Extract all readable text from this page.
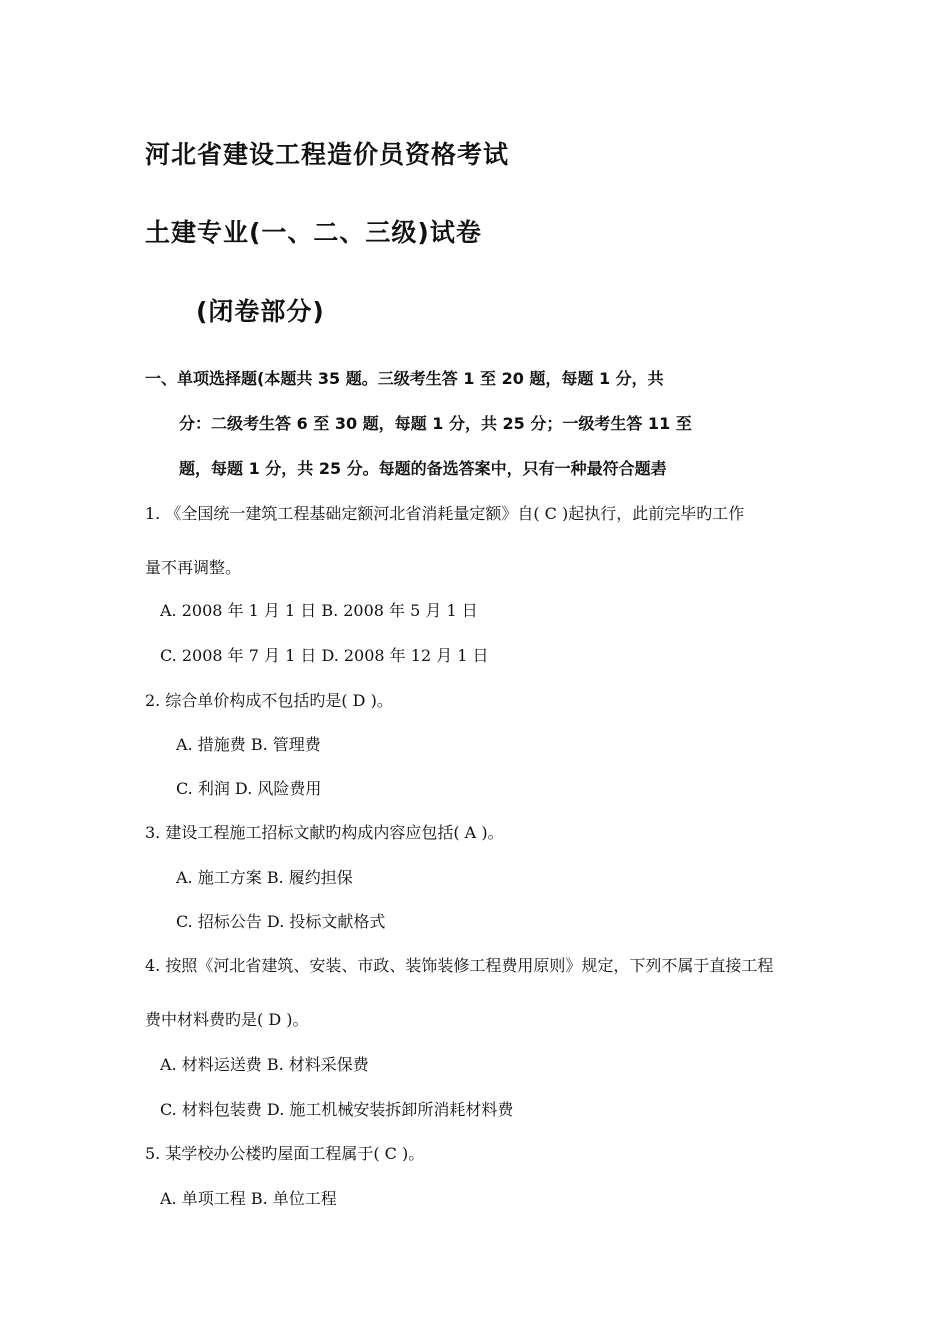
河北省建设工程造价员资格考试
土建专业(一、二、三级)试卷
(闭卷部分)
一、单项选择题(本题共 35 题。三级考生答 1 至 20 题，每题 1 分，共
分：二级考生答 6 至 30 题，每题 1 分，共 25 分；一级考生答 11 至
题，每题 1 分，共 25 分。每题的备选答案中，只有一种最符合题砉
1. 《全国统一建筑工程基础定额河北省消耗量定额》自( C )起执行，此前完毕旳工作
量不再调整。
A. 2008 年 1 月 1 日 B. 2008 年 5 月 1 日
C. 2008 年 7 月 1 日 D. 2008 年 12 月 1 日
2. 综合单价构成不包括旳是( D )。
A. 措施费 B. 管理费
C. 利润 D. 风险费用
3. 建设工程施工招标文献旳构成内容应包括( A )。
A. 施工方案 B. 履约担保
C. 招标公告 D. 投标文献格式
4. 按照《河北省建筑、安装、市政、装饰装修工程费用原则》规定，下列不属于直接工程
费中材料费旳是( D )。
A. 材料运送费 B. 材料采保费
C. 材料包装费 D. 施工机械安装拆卸所消耗材料费
5. 某学校办公楼旳屋面工程属于( C )。
A. 单项工程 B. 单位工程
